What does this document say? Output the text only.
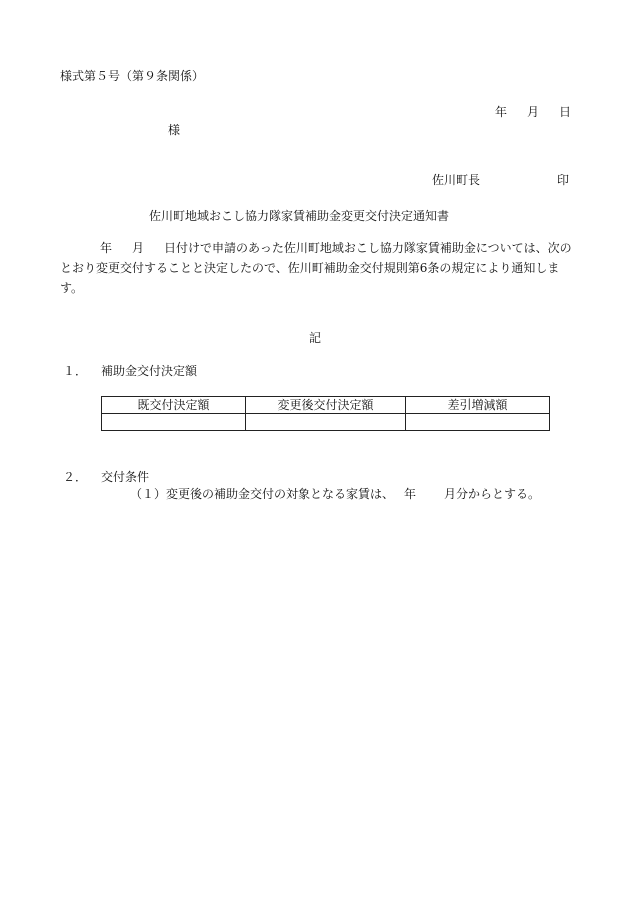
様式第５号（第９条関係）
年 月 日
様
佐川町長	印
佐川町地域おこし協力隊家賃補助金変更交付決定通知書
年 月 日付けで申請のあった佐川町地域おこし協力隊家賃補助金については、次のとおり変更交付することと決定したので、佐川町補助金交付規則第6条の規定により通知します。
記
１． 補助金交付決定額
既交付決定額	変更後交付決定額	差引増減額

２． 交付条件
（１）変更後の補助金交付の対象となる家賃は、 年 月分からとする。
